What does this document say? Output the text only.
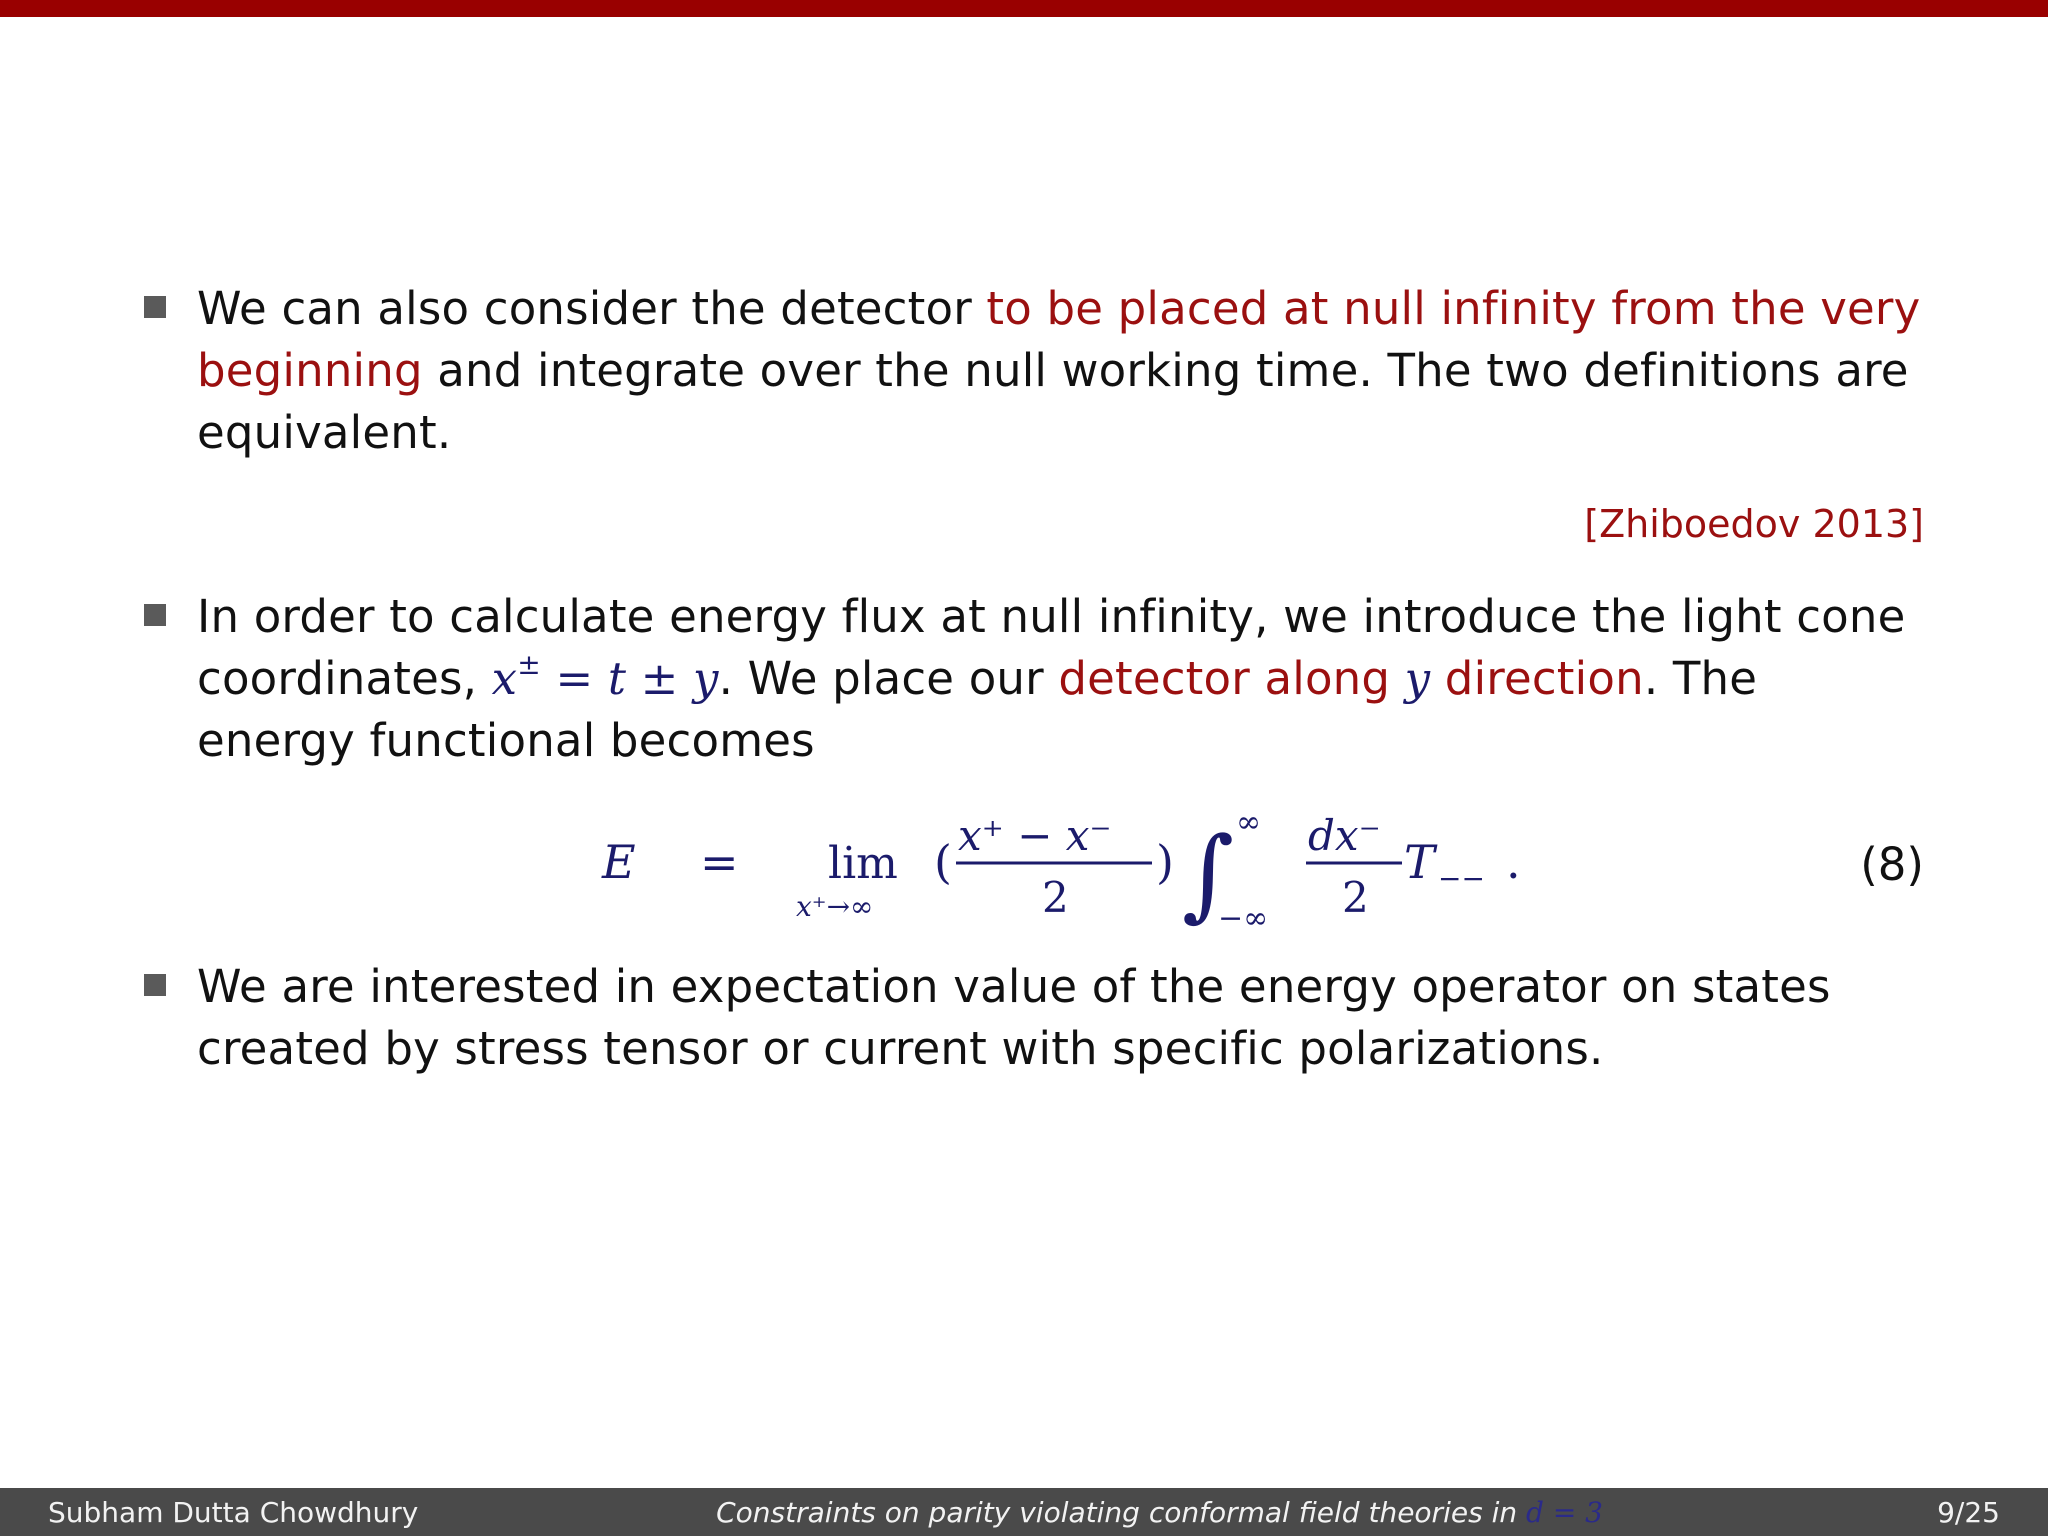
We can also consider the detector to be placed at null infinity from the very beginning and integrate over the null working time. The two definitions are equivalent.
[Zhiboedov 2013]
In order to calculate energy flux at null infinity, we introduce the light cone coordinates, x± = t ± y. We place our detector along y direction. The energy functional becomes
E = lim
x⁺→∞
( x⁺ − x⁻
2
) ∫ ∞
−∞
dx⁻
2
T −− .	(8)
We are interested in expectation value of the energy operator on states created by stress tensor or current with specific polarizations.
Subham Dutta Chowdhury	Constraints on parity violating conformal field theories in d = 3	9/25
